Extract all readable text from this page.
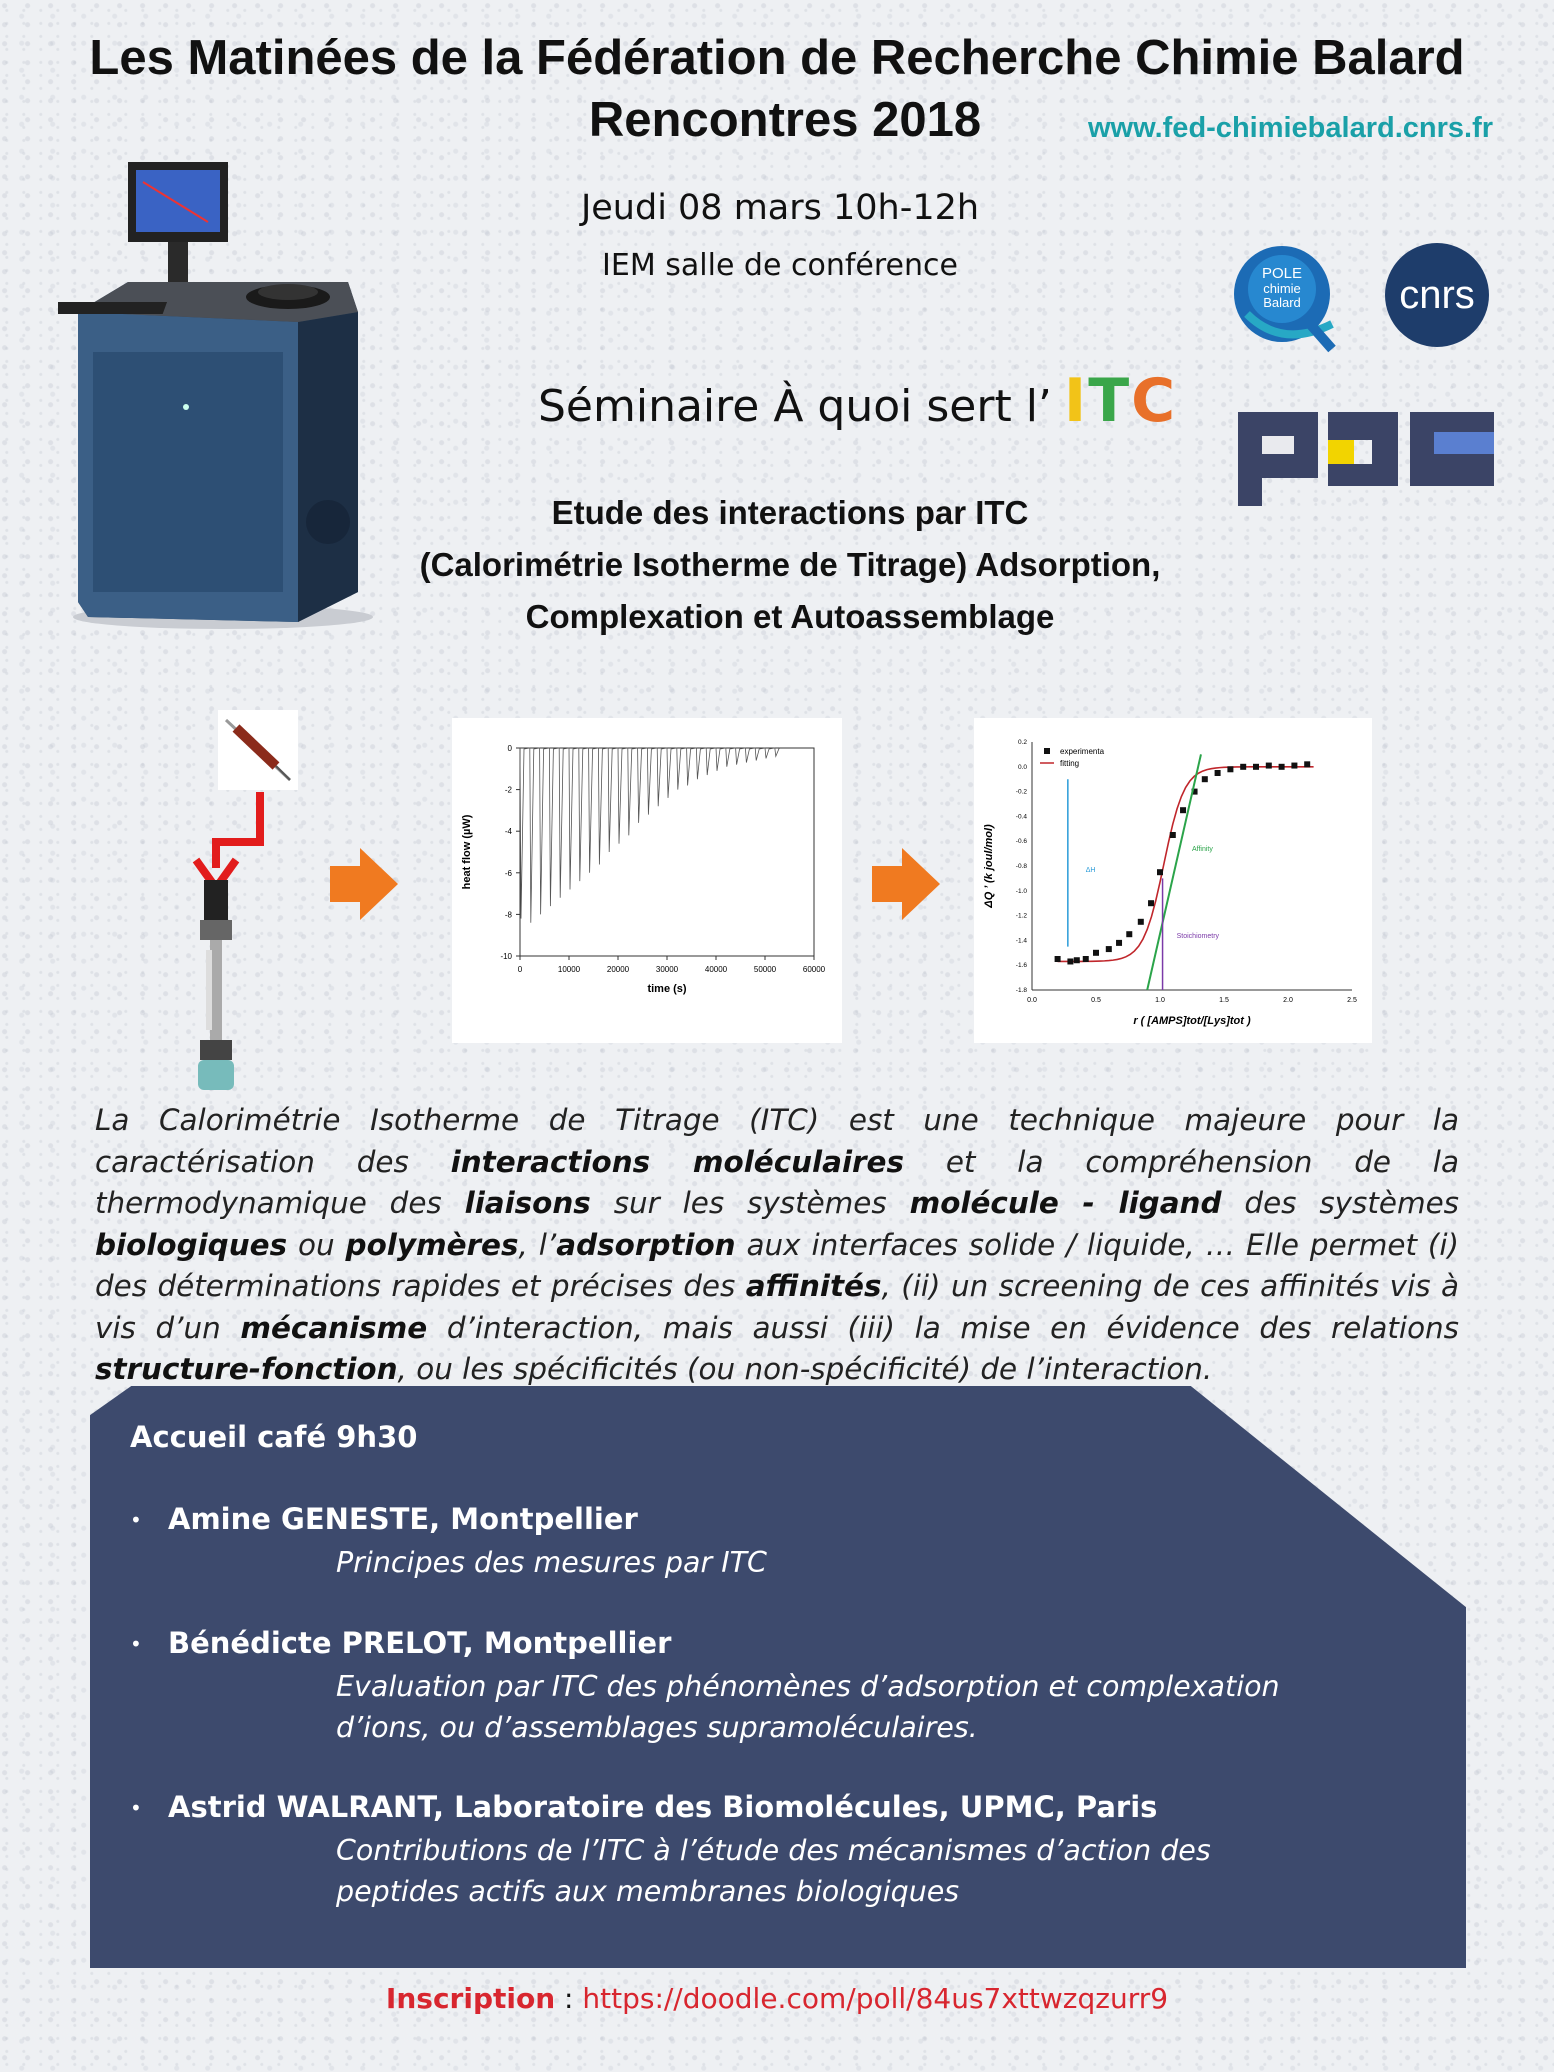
Les Matinées de la Fédération de Recherche Chimie Balard
Rencontres 2018	www.fed-chimiebalard.cnrs.fr
Jeudi 08 mars 10h-12h
IEM salle de conférence
Séminaire À quoi sert l’ ITC
Etude des interactions par ITC
(Calorimétrie Isotherme de Titrage) Adsorption,
Complexation et Autoassemblage
POLE
chimie
Balard cnrs
0	10000	20000	30000	40000	50000	60000
0
-2
-4
-6
-8
-10
time (s)
heat flow (µW)
0.0	0.5	1.0	1.5	2.0	2.5
0.2
0.0
-0.2
-0.4
-0.6
-0.8
-1.0
-1.2
-1.4
-1.6
-1.8
r ( [AMPS]tot/[Lys]tot )
ΔQ ’ (k joul/mol)	ΔH
Stoichiometry
Affinity
experimenta
fitting
La Calorimétrie Isotherme de Titrage (ITC) est une technique majeure pour la caractérisation des interactions moléculaires et la compréhension de la thermodynamique des liaisons sur les systèmes molécule - ligand des systèmes biologiques ou polymères, l’adsorption aux interfaces solide / liquide, … Elle permet (i) des déterminations rapides et précises des affinités, (ii) un screening de ces affinités vis à vis d’un mécanisme d’interaction, mais aussi (iii) la mise en évidence des relations structure-fonction, ou les spécificités (ou non-spécificité) de l’interaction.
Accueil café 9h30
• Amine GENESTE, Montpellier
Principes des mesures par ITC
• Bénédicte PRELOT, Montpellier
Evaluation par ITC des phénomènes d’adsorption et complexation
d’ions, ou d’assemblages supramoléculaires.
• Astrid WALRANT, Laboratoire des Biomolécules, UPMC, Paris
Contributions de l’ITC à l’étude des mécanismes d’action des
peptides actifs aux membranes biologiques
Inscription : https://doodle.com/poll/84us7xttwzqzurr9
